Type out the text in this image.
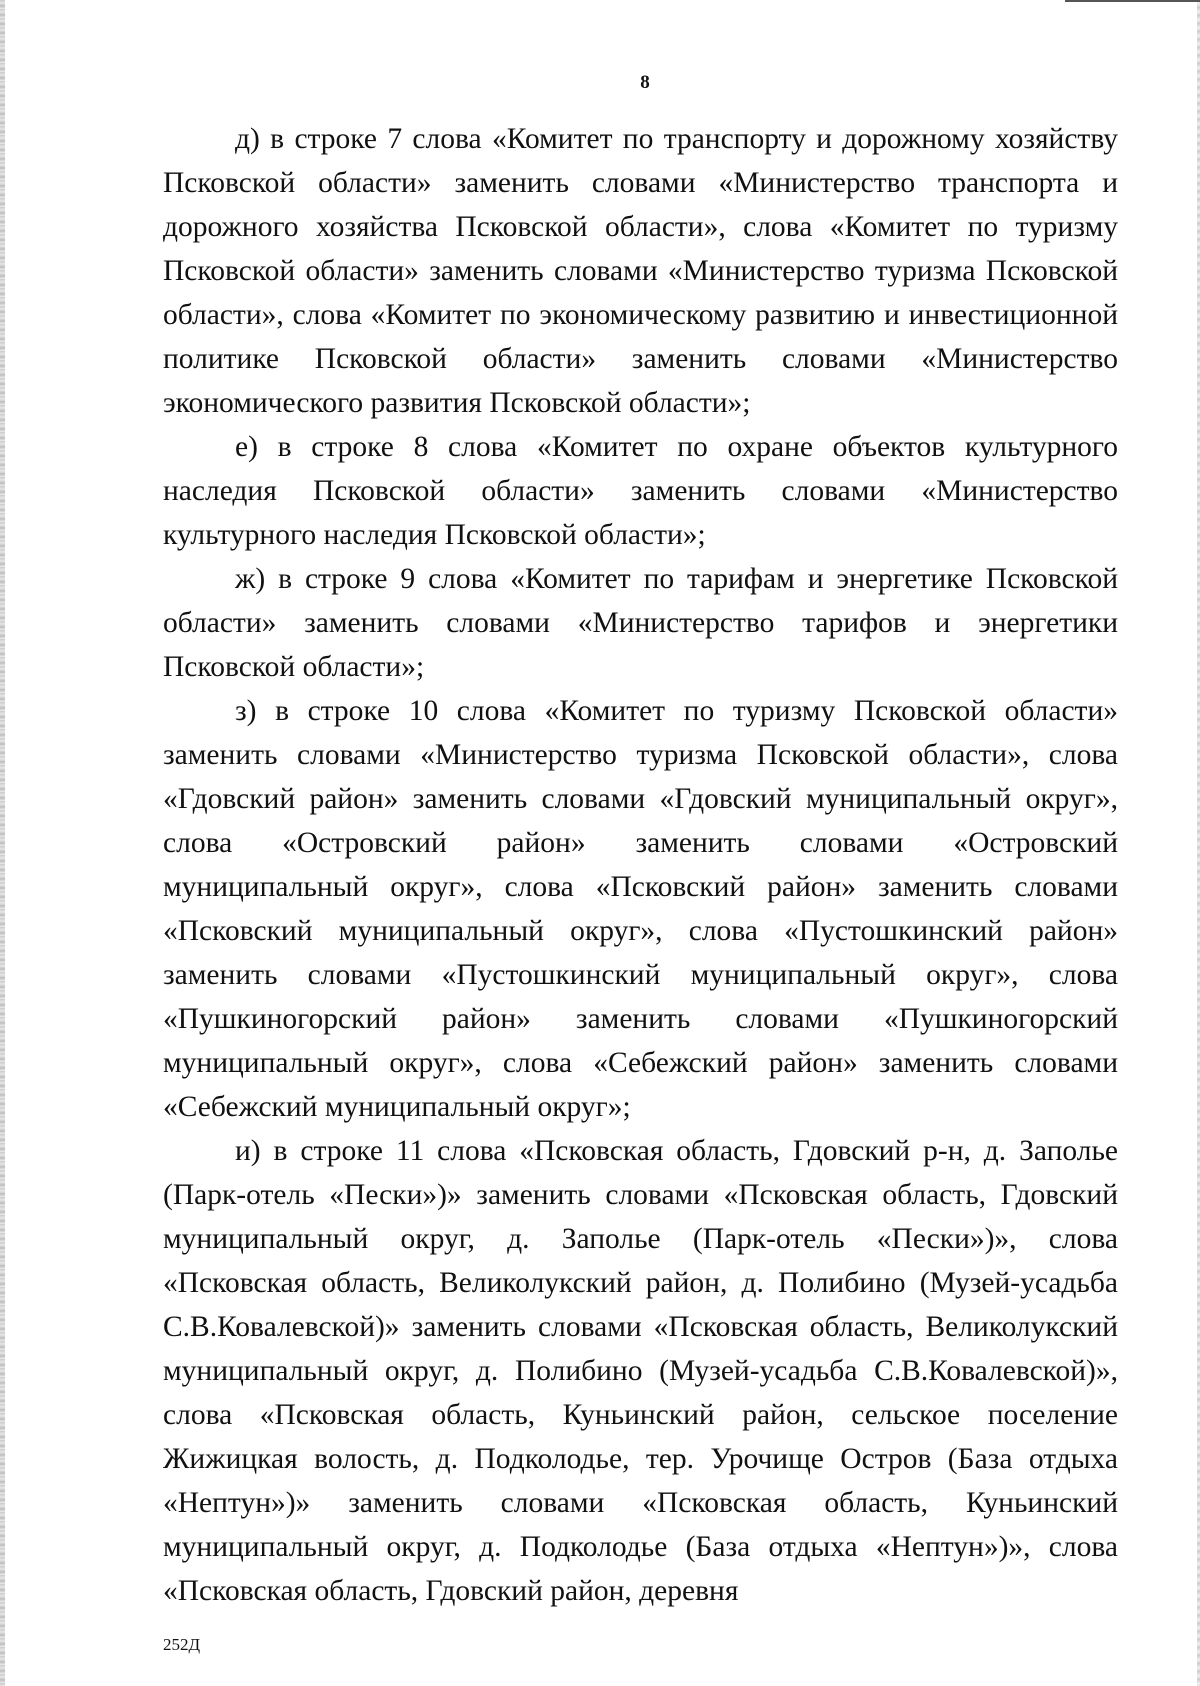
8

д) в строке 7 слова «Комитет по транспорту и дорожному хозяйству Псковской области» заменить словами «Министерство транспорта и дорожного хозяйства Псковской области», слова «Комитет по туризму Псковской области» заменить словами «Министерство туризма Псковской области», слова «Комитет по экономическому развитию и инвестиционной политике Псковской области» заменить словами «Министерство экономического развития Псковской области»;

е) в строке 8 слова «Комитет по охране объектов культурного наследия Псковской области» заменить словами «Министерство культурного наследия Псковской области»;

ж) в строке 9 слова «Комитет по тарифам и энергетике Псковской области» заменить словами «Министерство тарифов и энергетики Псковской области»;

з) в строке 10 слова «Комитет по туризму Псковской области» заменить словами «Министерство туризма Псковской области», слова «Гдовский район» заменить словами «Гдовский муниципальный округ», слова «Островский район» заменить словами «Островский муниципальный округ», слова «Псковский район» заменить словами «Псковский муниципальный округ», слова «Пустошкинский район» заменить словами «Пустошкинский муниципальный округ», слова «Пушкиногорский район» заменить словами «Пушкиногорский муниципальный округ», слова «Себежский район» заменить словами «Себежский муниципальный округ»;

и) в строке 11 слова «Псковская область, Гдовский р-н, д. Заполье (Парк-отель «Пески»)» заменить словами «Псковская область, Гдовский муниципальный округ, д. Заполье (Парк-отель «Пески»)», слова «Псковская область, Великолукский район, д. Полибино (Музей-усадьба С.В.Ковалевской)» заменить словами «Псковская область, Великолукский муниципальный округ, д. Полибино (Музей-усадьба С.В.Ковалевской)», слова «Псковская область, Куньинский район, сельское поселение Жижицкая волость, д. Подколодье, тер. Урочище Остров (База отдыха «Нептун»)» заменить словами «Псковская область, Куньинский муниципальный округ, д. Подколодье (База отдыха «Нептун»)», слова «Псковская область, Гдовский район, деревня

252Д
